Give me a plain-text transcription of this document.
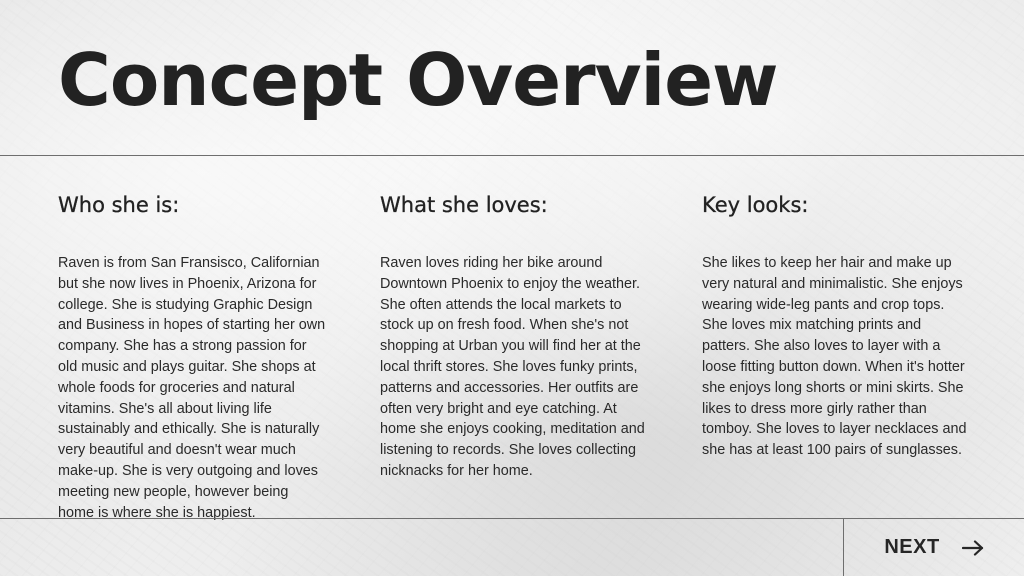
Concept Overview
Who she is:

Raven is from San Fransisco, Californian but she now lives in Phoenix, Arizona for college. She is studying Graphic Design and Business in hopes of starting her own company. She has a strong passion for old music and plays guitar. She shops at whole foods for groceries and natural vitamins. She's all about living life sustainably and ethically. She is naturally very beautiful and doesn't wear much make-up. She is very outgoing and loves meeting new people, however being home is where she is happiest.

What she loves:

Raven loves riding her bike around Downtown Phoenix to enjoy the weather. She often attends the local markets to stock up on fresh food. When she's not shopping at Urban you will find her at the local thrift stores. She loves funky prints, patterns and accessories. Her outfits are often very bright and eye catching. At home she enjoys cooking, meditation and listening to records. She loves collecting nicknacks for her home.

Key looks:

She likes to keep her hair and make up very natural and minimalistic. She enjoys wearing wide-leg pants and crop tops. She loves mix matching prints and patters. She also loves to layer with a loose fitting button down. When it's hotter she enjoys long shorts or mini skirts. She likes to dress more girly rather than tomboy. She loves to layer necklaces and she has at least 100 pairs of sunglasses.

NEXT
